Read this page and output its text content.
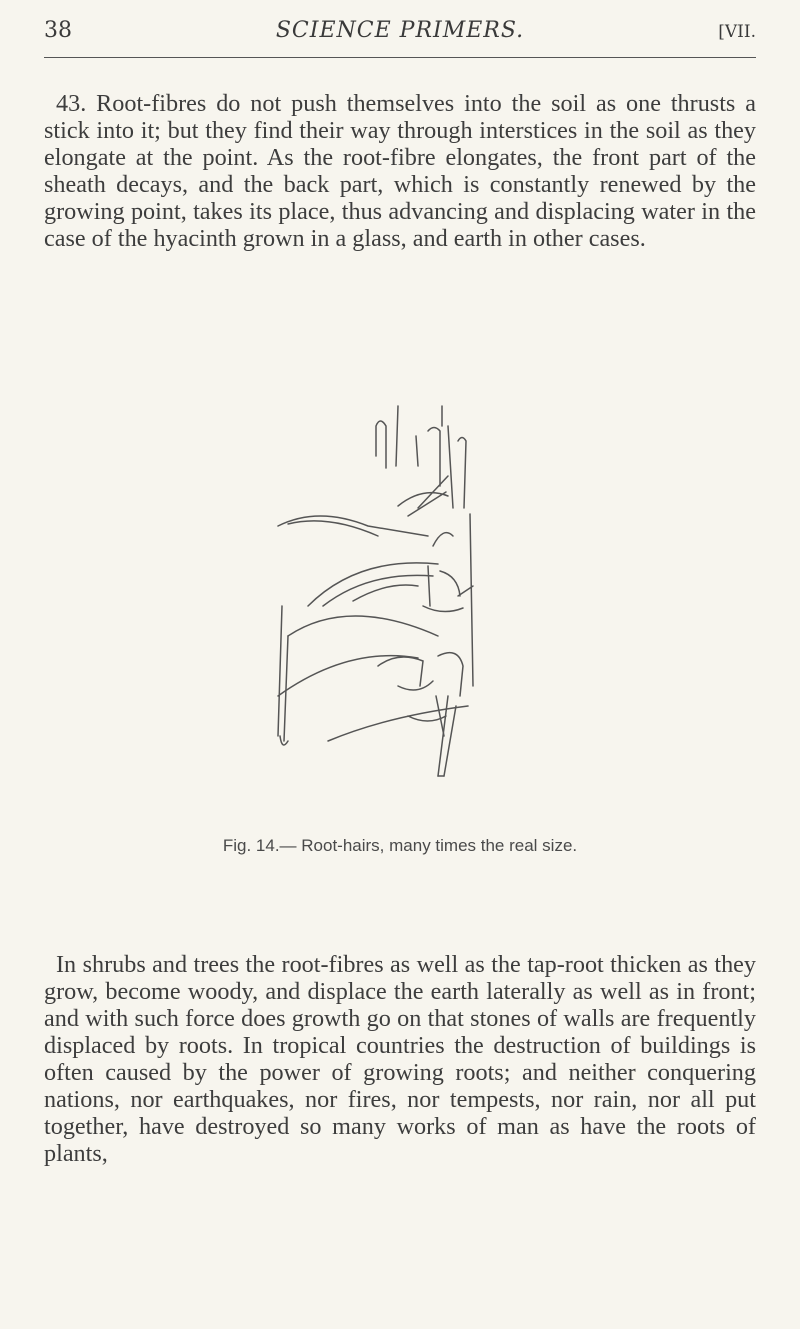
38	SCIENCE PRIMERS.	[VII.

43. Root-fibres do not push themselves into the soil as one thrusts a stick into it; but they find their way through interstices in the soil as they elongate at the point. As the root-fibre elongates, the front part of the sheath decays, and the back part, which is constantly renewed by the growing point, takes its place, thus advancing and displacing water in the case of the hyacinth grown in a glass, and earth in other cases.

Fig. 14.— Root-hairs, many times the real size.

In shrubs and trees the root-fibres as well as the tap-root thicken as they grow, become woody, and displace the earth laterally as well as in front; and with such force does growth go on that stones of walls are frequently displaced by roots. In tropical countries the destruction of buildings is often caused by the power of growing roots; and neither conquering nations, nor earthquakes, nor fires, nor tempests, nor rain, nor all put together, have destroyed so many works of man as have the roots of plants,
